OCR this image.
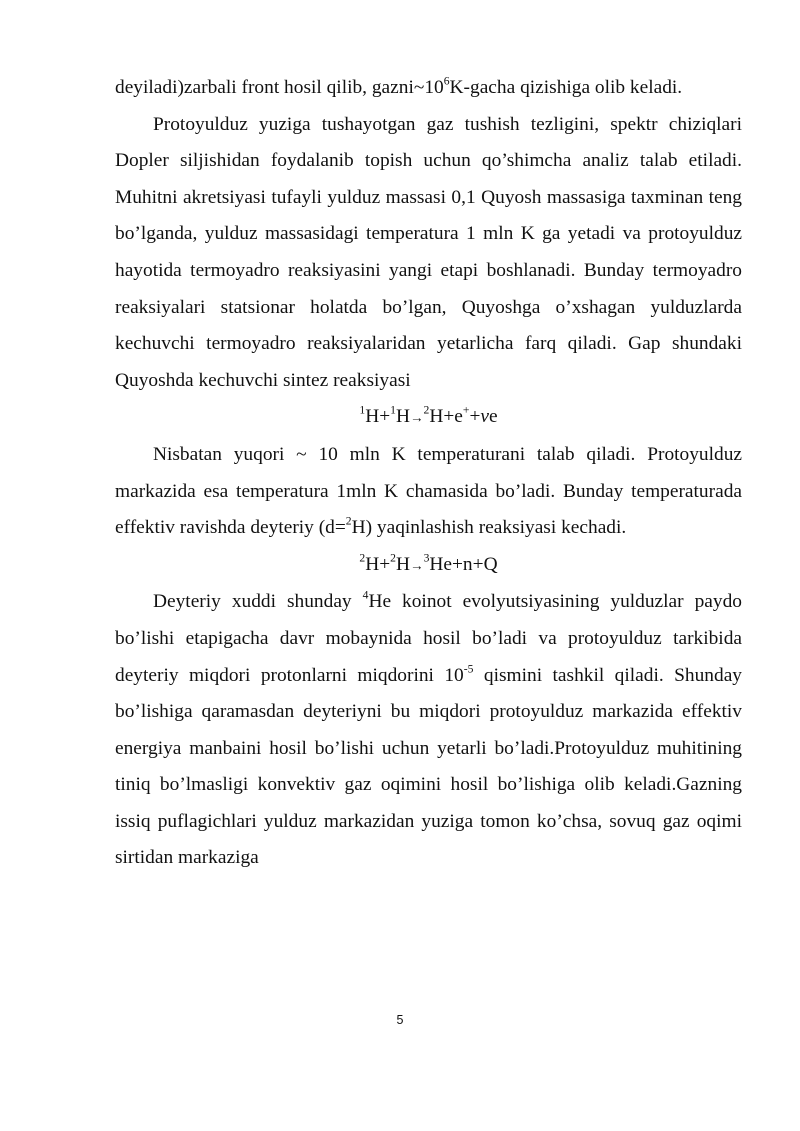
deyiladi)zarbali front hosil qilib, $gazni\sim 10^6K$-gacha qizishiga olib keladi.

Protoyulduz yuziga tushayotgan gaz tushish tezligini, spektr chiziqlari Dopler siljishidan foydalanib topish uchun qo’shimcha analiz talab etiladi. Muhitni akretsiyasi tufayli yulduz massasi 0,1 Quyosh massasiga taxminan teng bo’lganda, yulduz massasidagi temperatura 1 mln K ga yetadi va protoyulduz hayotida termoyadro reaksiyasini yangi etapi boshlanadi. Bunday termoyadro reaksiyalari statsionar holatda bo’lgan, Quyoshga o’xshagan yulduzlarda kechuvchi termoyadro reaksiyalaridan yetarlicha farq qiladi. Gap shundaki Quyoshda kechuvchi sintez reaksiyasi

$^1$H+$^1$H→$^2$H+e++νe

Nisbatan yuqori ~ 10 mln K temperaturani talab qiladi. Protoyulduz markazida esa temperatura 1mln K chamasida bo’ladi. Bunday temperaturada effektiv ravishda deyteriy (d=$^2$H) yaqinlashish reaksiyasi kechadi.

$^2$H+$^2$H→$^3$He+n+Q

Deyteriy xuddi shunday $^4$He koinot evolyutsiyasining yulduzlar paydo bo’lishi etapigacha davr mobaynida hosil bo’ladi va protoyulduz tarkibida deyteriy miqdori protonlarni miqdorini $10^{-5}$ qismini tashkil qiladi. Shunday bo’lishiga qaramasdan deyteriyni bu miqdori protoyulduz markazida effektiv energiya manbaini hosil bo’lishi uchun yetarli bo’ladi.Protoyulduz muhitining tiniq bo’lmasligi konvektiv gaz oqimini hosil bo’lishiga olib keladi.Gazning issiq puflagichlari yulduz markazidan yuziga tomon ko’chsa, sovuq gaz oqimi sirtidan markaziga

5
